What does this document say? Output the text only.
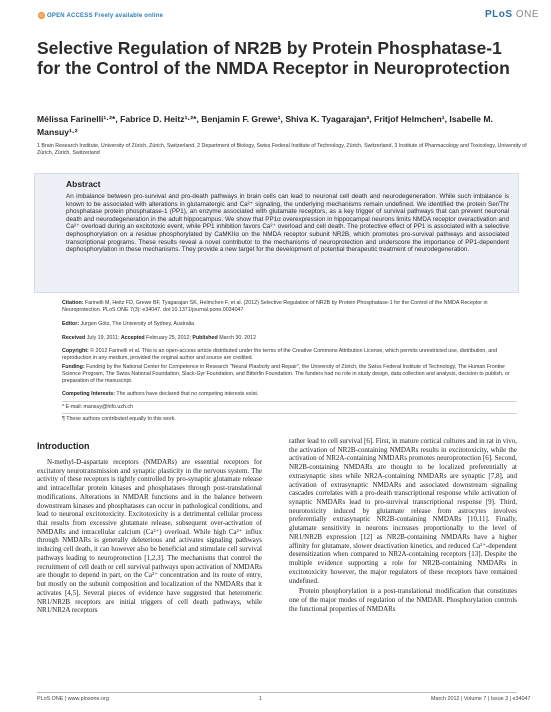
OPEN ACCESS Freely available online	PLoS ONE
Selective Regulation of NR2B by Protein Phosphatase-1 for the Control of the NMDA Receptor in Neuroprotection
Mélissa Farinelli¹·²*, Fabrice D. Heitz¹·²*, Benjamin F. Grewe¹, Shiva K. Tyagarajan³, Fritjof Helmchen¹, Isabelle M. Mansuy¹·²
1 Brain Research Institute, University of Zürich, Zürich, Switzerland, 2 Department of Biology, Swiss Federal Institute of Technology, Zürich, Switzerland, 3 Institute of Pharmacology and Toxicology, University of Zürich, Zürich, Switzerland
Abstract
An imbalance between pro-survival and pro-death pathways in brain cells can lead to neuronal cell death and neurodegeneration. While such imbalance is known to be associated with alterations in glutamatergic and Ca²⁺ signaling, the underlying mechanisms remain undefined. We identified the protein Ser/Thr phosphatase protein phosphatase-1 (PP1), an enzyme associated with glutamate receptors, as a key trigger of survival pathways that can prevent neuronal death and neurodegeneration in the adult hippocampus. We show that PP1α overexpression in hippocampal neurons limits NMDA receptor overactivation and Ca²⁺ overload during an excitotoxic event, while PP1 inhibition favors Ca²⁺ overload and cell death. The protective effect of PP1 is associated with a selective dephosphorylation on a residue phosphorylated by CaMKIIα on the NMDA receptor subunit NR2B, which promotes pro-survival pathways and associated transcriptional programs. These results reveal a novel contributor to the mechanisms of neuroprotection and underscore the importance of PP1-dependent dephosphorylation in these mechanisms. They provide a new target for the development of potential therapeutic treatment of neurodegeneration.
Citation: Farinelli M, Heitz FD, Grewe BF, Tyagarajan SK, Helmchen F, et al. (2012) Selective Regulation of NR2B by Protein Phosphatase-1 for the Control of the NMDA Receptor in Neuroprotection. PLoS ONE 7(3): e34047. doi:10.1371/journal.pone.0034047
Editor: Jurgen Götz, The University of Sydney, Australia
Received July 19, 2011; Accepted February 25, 2012; Published March 30, 2012
Copyright: © 2012 Farinelli et al. This is an open-access article distributed under the terms of the Creative Commons Attribution License, which permits unrestricted use, distribution, and reproduction in any medium, provided the original author and source are credited.
Funding: Funding by the National Center for Competence in Research "Neural Plasticity and Repair", the University of Zürich, the Swiss Federal Institute of Technology, The Human Frontier Science Program, The Swiss National Foundation, Slack-Gyr Foundation, and Bitterlin Foundation. The funders had no role in study design, data collection and analysis, decision to publish, or preparation of the manuscript.
Competing Interests: The authors have declared that no competing interests exist.
* E-mail: mansuy@hifo.uzh.ch
¶ These authors contributed equally to this work.
Introduction
N-methyl-D-aspartate receptors (NMDARs) are essential receptors for excitatory neurotransmission and synaptic plasticity in the nervous system. The activity of these receptors is tightly controlled by pro-synaptic glutamate release and intracellular protein kinases and phosphatases through post-translational modifications. Alterations in NMDAR functions and in the balance between downstream kinases and phosphatases can occur in pathological conditions, and lead to neuronal excitotoxicity. Excitotoxicity is a detrimental cellular process that results from excessive glutamate release, subsequent over-activation of NMDARs and intracellular calcium (Ca²⁺) overload. While high Ca²⁺ influx through NMDARs is generally deleterious and activates signaling pathways inducing cell death, it can however also be beneficial and stimulate cell survival pathways leading to neuroprotection [1,2,3]. The mechanisms that control the recruitment of cell death or cell survival pathways upon activation of NMDARs are thought to depend in part, on the Ca²⁺ concentration and its route of entry, but mostly on the subunit composition and localization of the NMDARs that it activates [4,5]. Several pieces of evidence have suggested that heteromeric NR1/NR2B receptors are initial triggers of cell death pathways, while NR1/NR2A receptors
rather lead to cell survival [6]. First, in mature cortical cultures and in rat in vivo, the activation of NR2B-containing NMDARs results in excitotoxicity, while the activation of NR2A-containing NMDARs promotes neuroprotection [6]. Second, NR2B-containing NMDARs are thought to be localized preferentially at extrasynaptic sites while NR2A-containing NMDARs are synaptic [7,8], and activation of extrasynaptic NMDARs and associated downstream signaling cascades correlates with a pro-death transcriptional response while activation of synaptic NMDARs lead to pro-survival transcriptional response [9]. Third, neurotoxicity induced by glutamate release from astrocytes involves preferentially extrasynaptic NR2B-containing NMDARs [10,11]. Finally, glutamate sensitivity in neurons increases proportionally to the level of NR1/NR2B expression [12] as NR2B-containing NMDARs have a higher affinity for glutamate, slower deactivation kinetics, and reduced Ca²⁺-dependent desensitization when compared to NR2A-containing receptors [13]. Despite the multiple evidence supporting a role for NR2B-containing NMDARs in excitotoxicity however, the major regulators of these receptors have remained undefined.
Protein phosphorylation is a post-translational modification that constitutes one of the major modes of regulation of the NMDAR. Phosphorylation controls the functional properties of NMDARs
PLoS ONE | www.plosone.org	1	March 2012 | Volume 7 | Issue 3 | e34047
